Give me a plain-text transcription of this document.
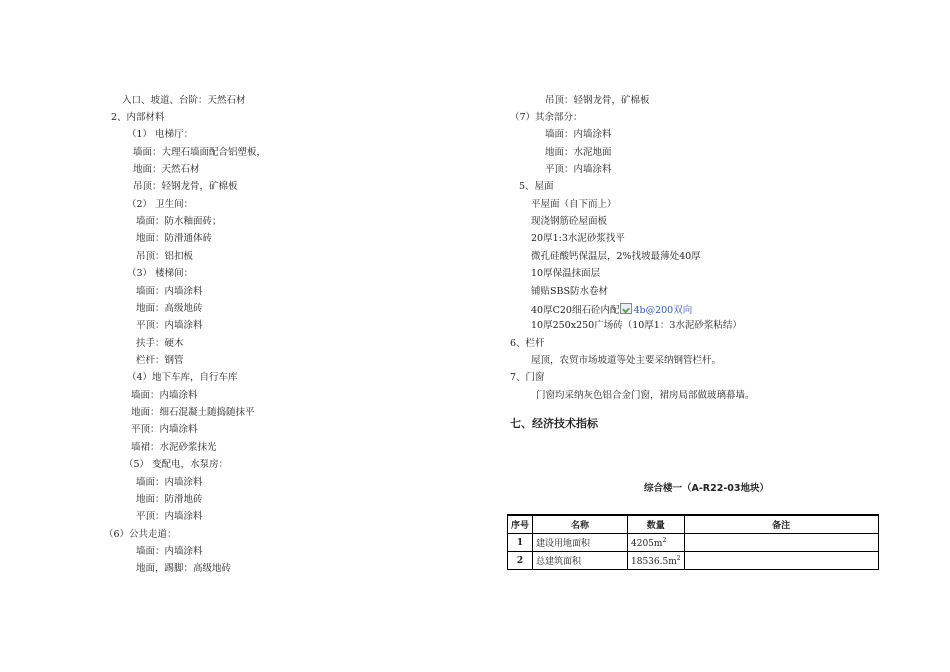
入口、坡道、台阶：天然石材
2、内部材料
（1） 电梯厅：
墙面：大理石墙面配合铝塑板，
地面：天然石材
吊顶：轻钢龙骨，矿棉板
（2） 卫生间：
墙面：防水釉面砖；
地面：防滑通体砖
吊顶：铝扣板
（3） 楼梯间：
墙面：内墙涂料
地面：高级地砖
平顶：内墙涂料
扶手：硬木
栏杆：钢管
（4）地下车库，自行车库
墙面：内墙涂料
地面：细石混凝土随捣随抹平
平顶：内墙涂料
墙裙：水泥砂浆抹光
（5） 变配电，水泵房：
墙面：内墙涂料
地面：防滑地砖
平顶：内墙涂料
（6）公共走道：
墙面：内墙涂料
地面，踢脚：高级地砖
吊顶：轻钢龙骨，矿棉板
（7）其余部分：
墙面：内墙涂料
地面：水泥地面
平顶：内墙涂料
5、屋面
平屋面（自下而上）
现浇钢筋砼屋面板
20厚1:3水泥砂浆找平
微孔硅酸钙保温层，2%找坡最薄处40厚
10厚保温抹面层
铺贴SBS防水卷材
40厚C20细石砼内配 4b@200双向
10厚250x250广场砖（10厚1：3水泥砂浆粘结）
6、栏杆
屋顶，农贸市场坡道等处主要采纳钢管栏杆。
7、门窗
门窗均采纳灰色铝合金门窗，裙房局部做玻璃幕墙。
七、经济技术指标
综合楼一（A-R22-03地块）
序号	名称	数量	备注
1	建设用地面积	$4205m^2$	
2	总建筑面积	$18536.5m^2$	
